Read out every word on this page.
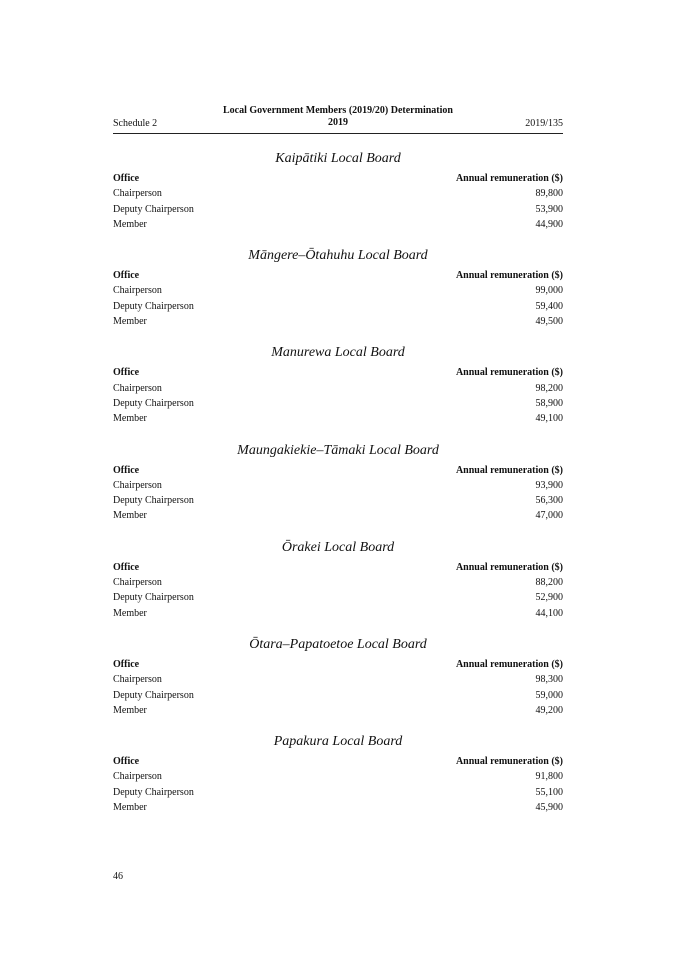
Schedule 2
Local Government Members (2019/20) Determination
2019	2019/135
Kaipātiki Local Board
Office	Annual remuneration ($)
Chairperson	89,800
Deputy Chairperson	53,900
Member	44,900
Māngere–Ōtahuhu Local Board
Office	Annual remuneration ($)
Chairperson	99,000
Deputy Chairperson	59,400
Member	49,500
Manurewa Local Board
Office	Annual remuneration ($)
Chairperson	98,200
Deputy Chairperson	58,900
Member	49,100
Maungakiekie–Tāmaki Local Board
Office	Annual remuneration ($)
Chairperson	93,900
Deputy Chairperson	56,300
Member	47,000
Ōrakei Local Board
Office	Annual remuneration ($)
Chairperson	88,200
Deputy Chairperson	52,900
Member	44,100
Ōtara–Papatoetoe Local Board
Office	Annual remuneration ($)
Chairperson	98,300
Deputy Chairperson	59,000
Member	49,200
Papakura Local Board
Office	Annual remuneration ($)
Chairperson	91,800
Deputy Chairperson	55,100
Member	45,900
46
